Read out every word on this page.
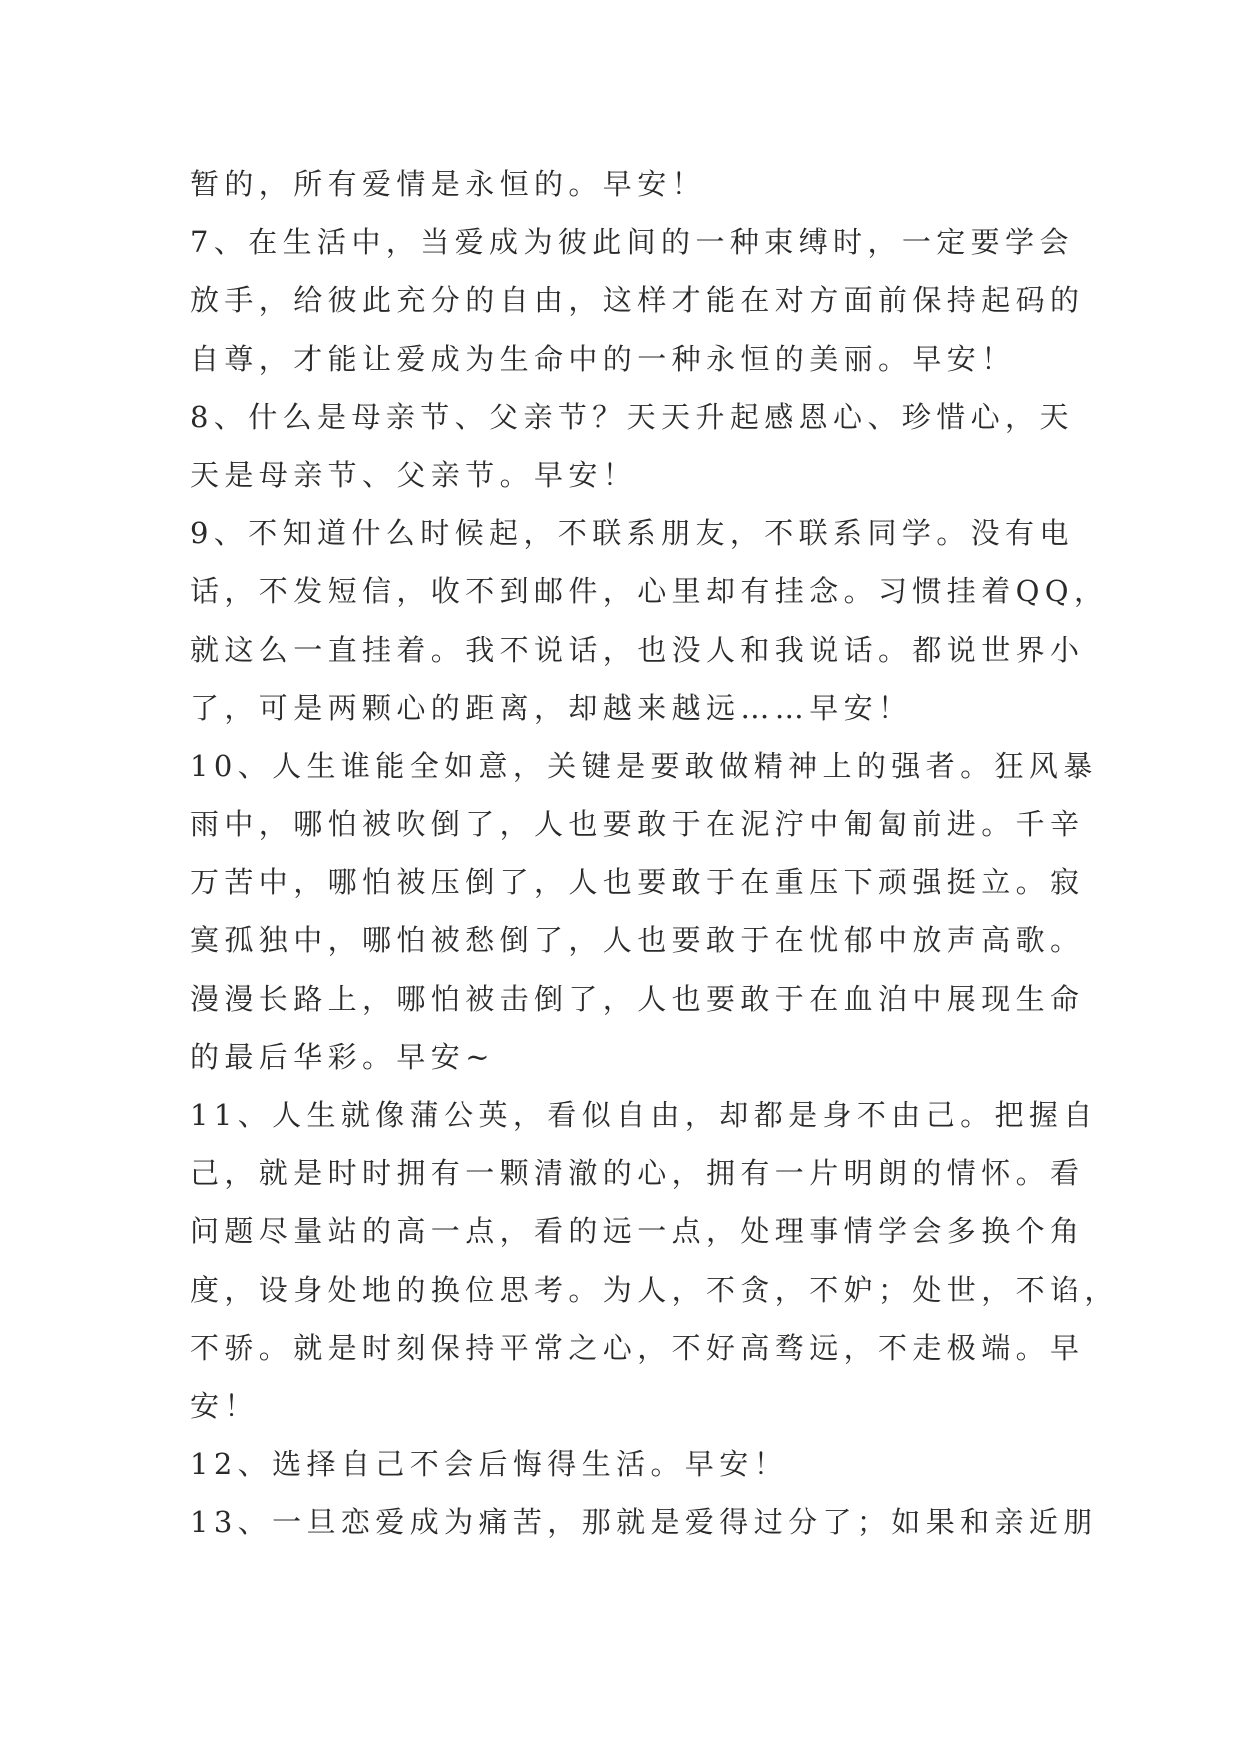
暂的，所有爱情是永恒的。早安！
7、在生活中，当爱成为彼此间的一种束缚时，一定要学会
放手，给彼此充分的自由，这样才能在对方面前保持起码的
自尊，才能让爱成为生命中的一种永恒的美丽。早安！
8、什么是母亲节、父亲节？天天升起感恩心、珍惜心，天
天是母亲节、父亲节。早安！
9、不知道什么时候起，不联系朋友，不联系同学。没有电
话，不发短信，收不到邮件，心里却有挂念。习惯挂着QQ，
就这么一直挂着。我不说话，也没人和我说话。都说世界小
了，可是两颗心的距离，却越来越远……早安！
10、人生谁能全如意，关键是要敢做精神上的强者。狂风暴
雨中，哪怕被吹倒了，人也要敢于在泥泞中匍匐前进。千辛
万苦中，哪怕被压倒了，人也要敢于在重压下顽强挺立。寂
寞孤独中，哪怕被愁倒了，人也要敢于在忧郁中放声高歌。
漫漫长路上，哪怕被击倒了，人也要敢于在血泊中展现生命
的最后华彩。早安~
11、人生就像蒲公英，看似自由，却都是身不由己。把握自
己，就是时时拥有一颗清澈的心，拥有一片明朗的情怀。看
问题尽量站的高一点，看的远一点，处理事情学会多换个角
度，设身处地的换位思考。为人，不贪，不妒；处世，不谄，
不骄。就是时刻保持平常之心，不好高骛远，不走极端。早
安！
12、选择自己不会后悔得生活。早安！
13、一旦恋爱成为痛苦，那就是爱得过分了；如果和亲近朋
